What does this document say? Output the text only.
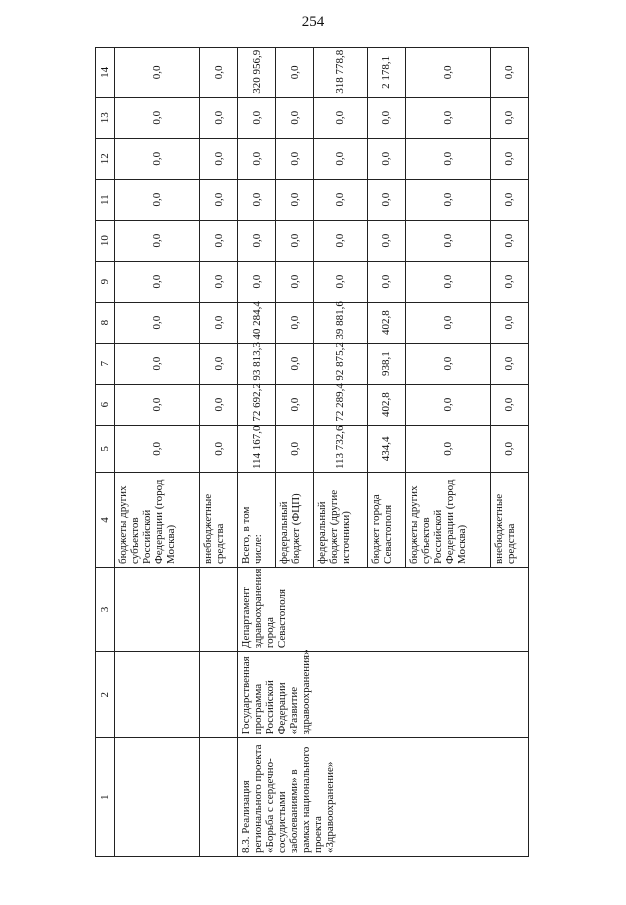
254
1	2	3	4	5	6	7	8	9	10	11	12	13	14
			бюджеты других субъектов Российской Федерации (город Москва)	0,0	0,0	0,0	0,0	0,0	0,0	0,0	0,0	0,0	0,0
			внебюджетные средства	0,0	0,0	0,0	0,0	0,0	0,0	0,0	0,0	0,0	0,0
8.3. Реализация регионального проекта «Борьба с сердечно-сосудистыми заболеваниями» в рамках национального проекта «Здравоохранение»	Государственная программа Российской Федерации «Развитие здравоохранения»	Департамент здравоохранения города Севастополя	Всего, в том числе:	114 167,0	72 692,2	93 813,3	40 284,4	0,0	0,0	0,0	0,0	0,0	320 956,9
			федеральный бюджет (ФЦП)	0,0	0,0	0,0	0,0	0,0	0,0	0,0	0,0	0,0	0,0
			федеральный бюджет (другие источники)	113 732,6	72 289,4	92 875,2	39 881,6	0,0	0,0	0,0	0,0	0,0	318 778,8
			бюджет города Севастополя	434,4	402,8	938,1	402,8	0,0	0,0	0,0	0,0	0,0	2 178,1
			бюджеты других субъектов Российской Федерации (город Москва)	0,0	0,0	0,0	0,0	0,0	0,0	0,0	0,0	0,0	0,0
			внебюджетные средства	0,0	0,0	0,0	0,0	0,0	0,0	0,0	0,0	0,0	0,0
